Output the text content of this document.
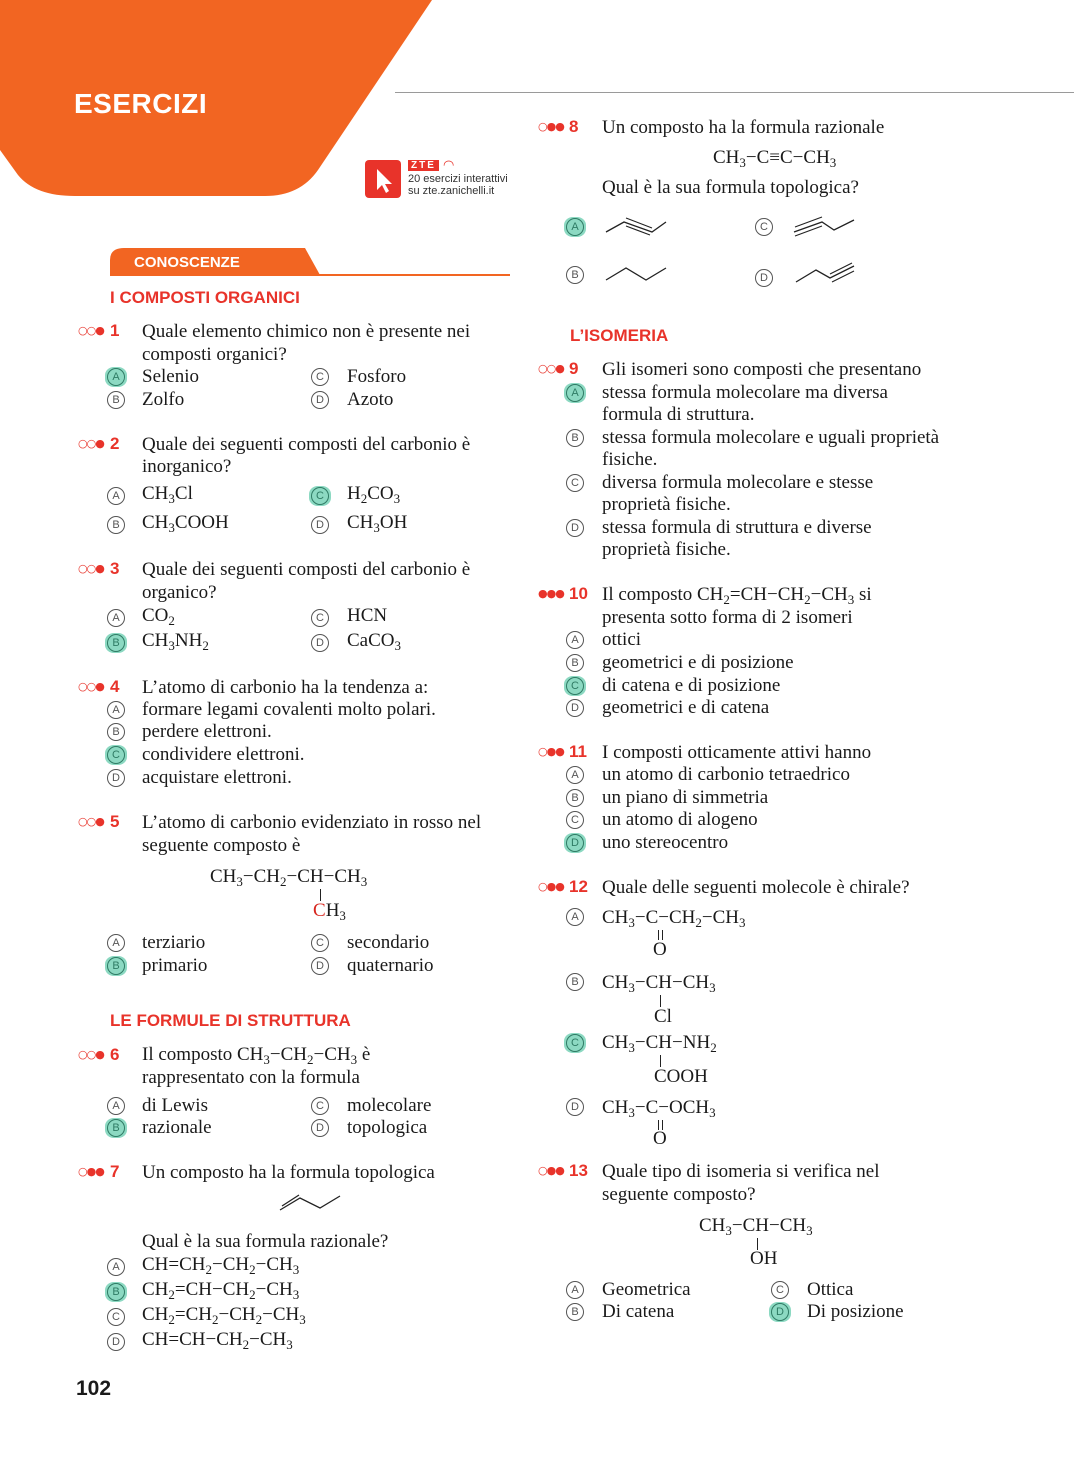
ESERCIZI
ZTE ◠
20 esercizi interattivi
su zte.zanichelli.it
CONOSCENZE
I COMPOSTI ORGANICI
○○● 1 Quale elemento chimico non è presente nei
composti organici?
A Selenio
B Zolfo
C Fosforo
D Azoto
○○● 2 Quale dei seguenti composti del carbonio è
inorganico?
A $CH_3Cl$
B $CH_3COOH$
C $H_2CO_3$
D $CH_3OH$
○○● 3 Quale dei seguenti composti del carbonio è
organico?
A $CO_2$
B $CH_3NH_2$
C HCN
D CaCO$_3$
○○● 4 L’atomo di carbonio ha la tendenza a:
A formare legami covalenti molto polari.
B perdere elettroni.
C condividere elettroni.
D acquistare elettroni.
○○● 5 L’atomo di carbonio evidenziato in rosso nel
seguente composto è
$CH_3-CH_2-CH-CH_3$
$CH_3$
A terziario
B primario
C secondario
D quaternario
LE FORMULE DI STRUTTURA
○○● 6 Il composto $CH_3-CH_2-CH_3$ è
rappresentato con la formula
A di Lewis
B razionale
C molecolare
D topologica
○●● 7 Un composto ha la formula topologica
Qual è la sua formula razionale?
A $CH=CH_2-CH_2-CH_3$
B $CH_2=CH-CH_2-CH_3$
C $CH_2=CH_2-CH_2-CH_3$
D $CH=CH-CH_2-CH_3$
102
○●● 8 Un composto ha la formula razionale
$CH_3-C\equiv C-CH_3$
Qual è la sua formula topologica?
A
B
C
D
L’ISOMERIA
○○● 9 Gli isomeri sono composti che presentano
A stessa formula molecolare ma diversa
formula di struttura.
B stessa formula molecolare e uguali proprietà
fisiche.
C diversa formula molecolare e stesse
proprietà fisiche.
D stessa formula di struttura e diverse
proprietà fisiche.
●●● 10 Il composto $CH_2=CH-CH_2-CH_3$ si
presenta sotto forma di 2 isomeri
A ottici
B geometrici e di posizione
C di catena e di posizione
D geometrici e di catena
○●● 11 I composti otticamente attivi hanno
A un atomo di carbonio tetraedrico
B un piano di simmetria
C un atomo di alogeno
D uno stereocentro
○●● 12 Quale delle seguenti molecole è chirale?
A $CH_3-C-CH_2-CH_3$
O
B $CH_3-CH-CH_3$
Cl
C $CH_3-CH-NH_2$
COOH
D $CH_3-C-OCH_3$
O
○●● 13 Quale tipo di isomeria si verifica nel
seguente composto?
$CH_3-CH-CH_3$
OH
A Geometrica
B Di catena
C Ottica
D Di posizione
